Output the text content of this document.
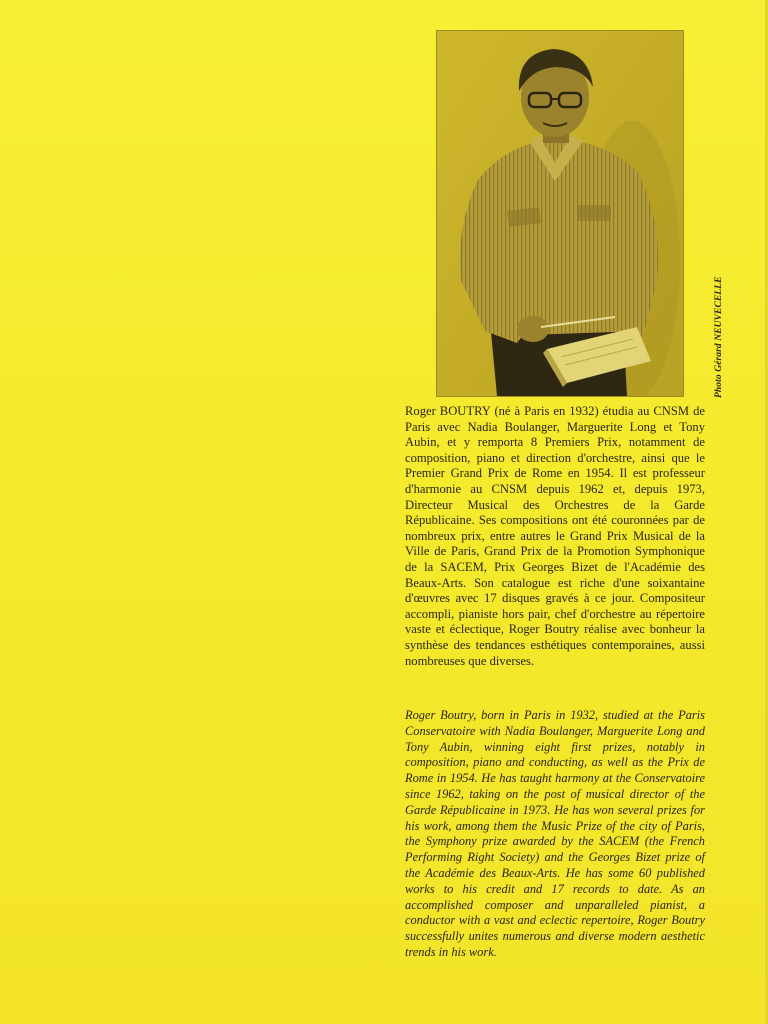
Photo Gérard NEUVECELLE

Roger BOUTRY (né à Paris en 1932) étudia au CNSM de Paris avec Nadia Boulanger, Marguerite Long et Tony Aubin, et y remporta 8 Premiers Prix, notamment de composition, piano et direction d'orchestre, ainsi que le Premier Grand Prix de Rome en 1954. Il est professeur d'harmonie au CNSM depuis 1962 et, depuis 1973, Directeur Musical des Orchestres de la Garde Républicaine. Ses compositions ont été couronnées par de nombreux prix, entre autres le Grand Prix Musical de la Ville de Paris, Grand Prix de la Promotion Symphonique de la SACEM, Prix Georges Bizet de l'Académie des Beaux-Arts. Son catalogue est riche d'une soixantaine d'œuvres avec 17 disques gravés à ce jour. Compositeur accompli, pianiste hors pair, chef d'orchestre au répertoire vaste et éclectique, Roger Boutry réalise avec bonheur la synthèse des tendances esthétiques contemporaines, aussi nombreuses que diverses.

Roger Boutry, born in Paris in 1932, studied at the Paris Conservatoire with Nadia Boulanger, Marguerite Long and Tony Aubin, winning eight first prizes, notably in composition, piano and conducting, as well as the Prix de Rome in 1954. He has taught harmony at the Conservatoire since 1962, taking on the post of musical director of the Garde Républicaine in 1973. He has won several prizes for his work, among them the Music Prize of the city of Paris, the Symphony prize awarded by the SACEM (the French Performing Right Society) and the Georges Bizet prize of the Académie des Beaux-Arts. He has some 60 published works to his credit and 17 records to date. As an accomplished composer and unparalleled pianist, a conductor with a vast and eclectic repertoire, Roger Boutry successfully unites numerous and diverse modern aesthetic trends in his work.
